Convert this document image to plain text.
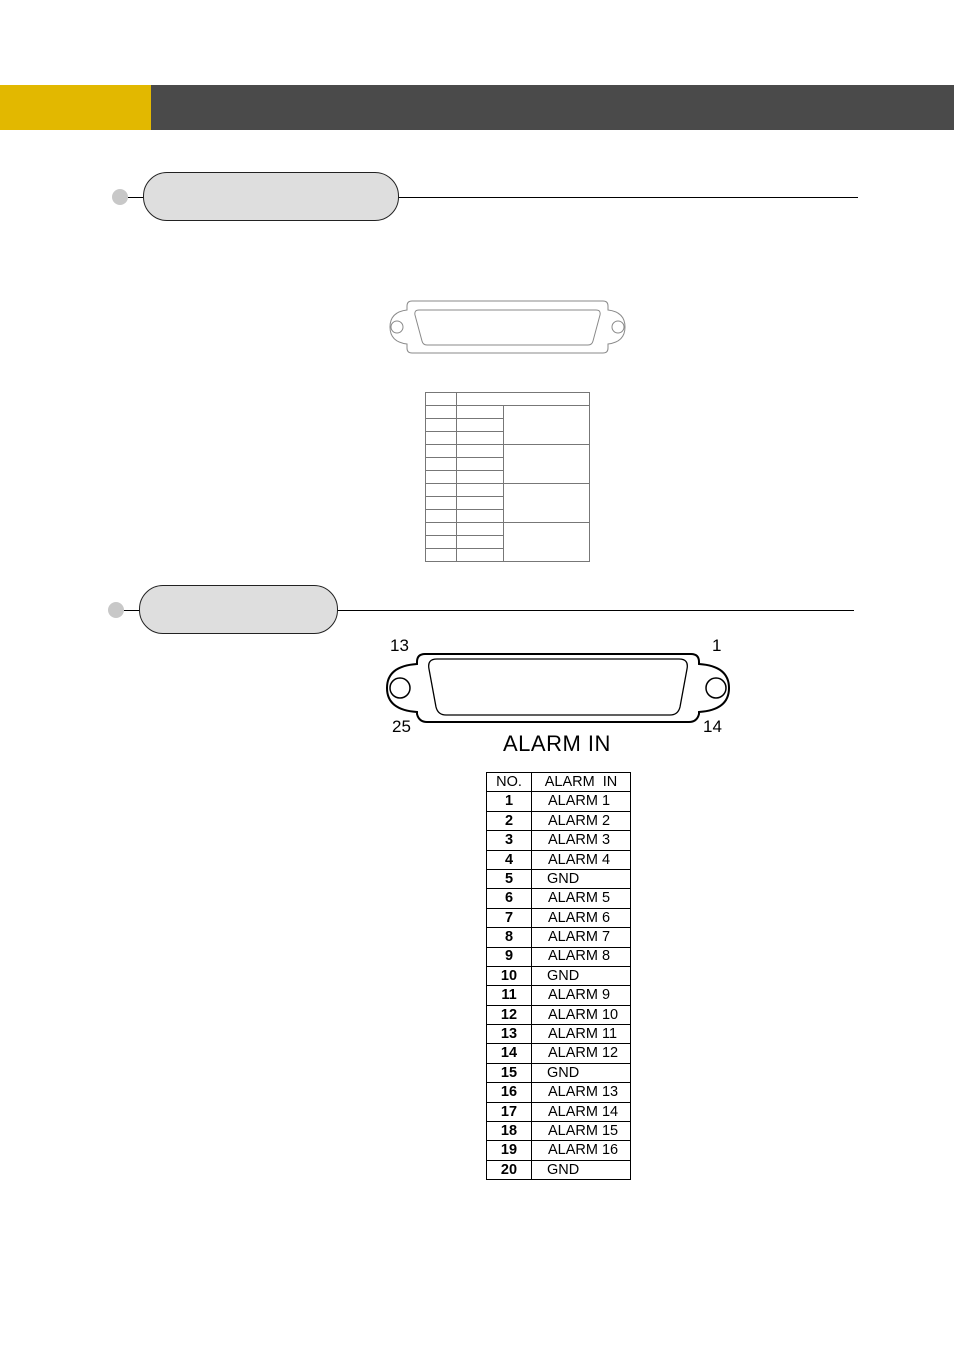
13	1
25	14
ALARM IN
NO.	ALARM  IN
1	ALARM 1
2	ALARM 2
3	ALARM 3
4	ALARM 4
5	GND
6	ALARM 5
7	ALARM 6
8	ALARM 7
9	ALARM 8
10	GND
11	ALARM 9
12	ALARM 10
13	ALARM 11
14	ALARM 12
15	GND
16	ALARM 13
17	ALARM 14
18	ALARM 15
19	ALARM 16
20	GND
